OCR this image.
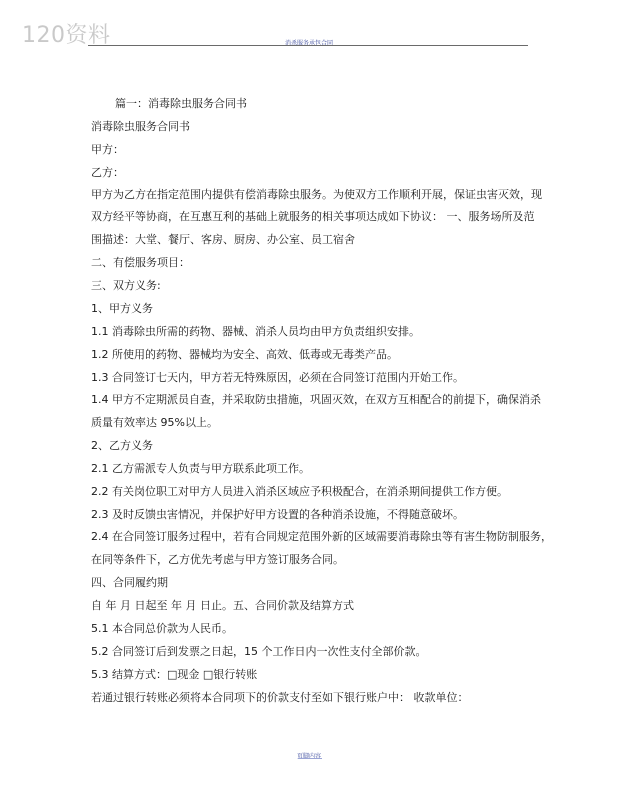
120资料	消杀服务承包合同
篇一：消毒除虫服务合同书
消毒除虫服务合同书
甲方：
乙方：
甲方为乙方在指定范围内提供有偿消毒除虫服务。为使双方工作顺利开展，保证虫害灭效，现
双方经平等协商，在互惠互利的基础上就服务的相关事项达成如下协议： 一、服务场所及范
围描述：大堂、餐厅、客房、厨房、办公室、员工宿舍
二、有偿服务项目：
三、双方义务:
1、甲方义务
1.1 消毒除虫所需的药物、器械、消杀人员均由甲方负责组织安排。
1.2 所使用的药物、器械均为安全、高效、低毒或无毒类产品。
1.3 合同签订七天内，甲方若无特殊原因，必须在合同签订范围内开始工作。
1.4 甲方不定期派员自查，并采取防虫措施，巩固灭效，在双方互相配合的前提下，确保消杀
质量有效率达 95%以上。
2、乙方义务
2.1 乙方需派专人负责与甲方联系此项工作。
2.2 有关岗位职工对甲方人员进入消杀区域应予积极配合，在消杀期间提供工作方便。
2.3 及时反馈虫害情况，并保护好甲方设置的各种消杀设施，不得随意破坏。
2.4 在合同签订服务过程中，若有合同规定范围外新的区域需要消毒除虫等有害生物防制服务，
在同等条件下，乙方优先考虑与甲方签订服务合同。
四、合同履约期
自 年 月 日起至 年 月 日止。五、合同价款及结算方式
5.1 本合同总价款为人民币。
5.2 合同签订后到发票之日起，15 个工作日内一次性支付全部价款。
5.3 结算方式：□现金 □银行转账
若通过银行转账必须将本合同项下的价款支付至如下银行账户中： 收款单位：
页脚内容
